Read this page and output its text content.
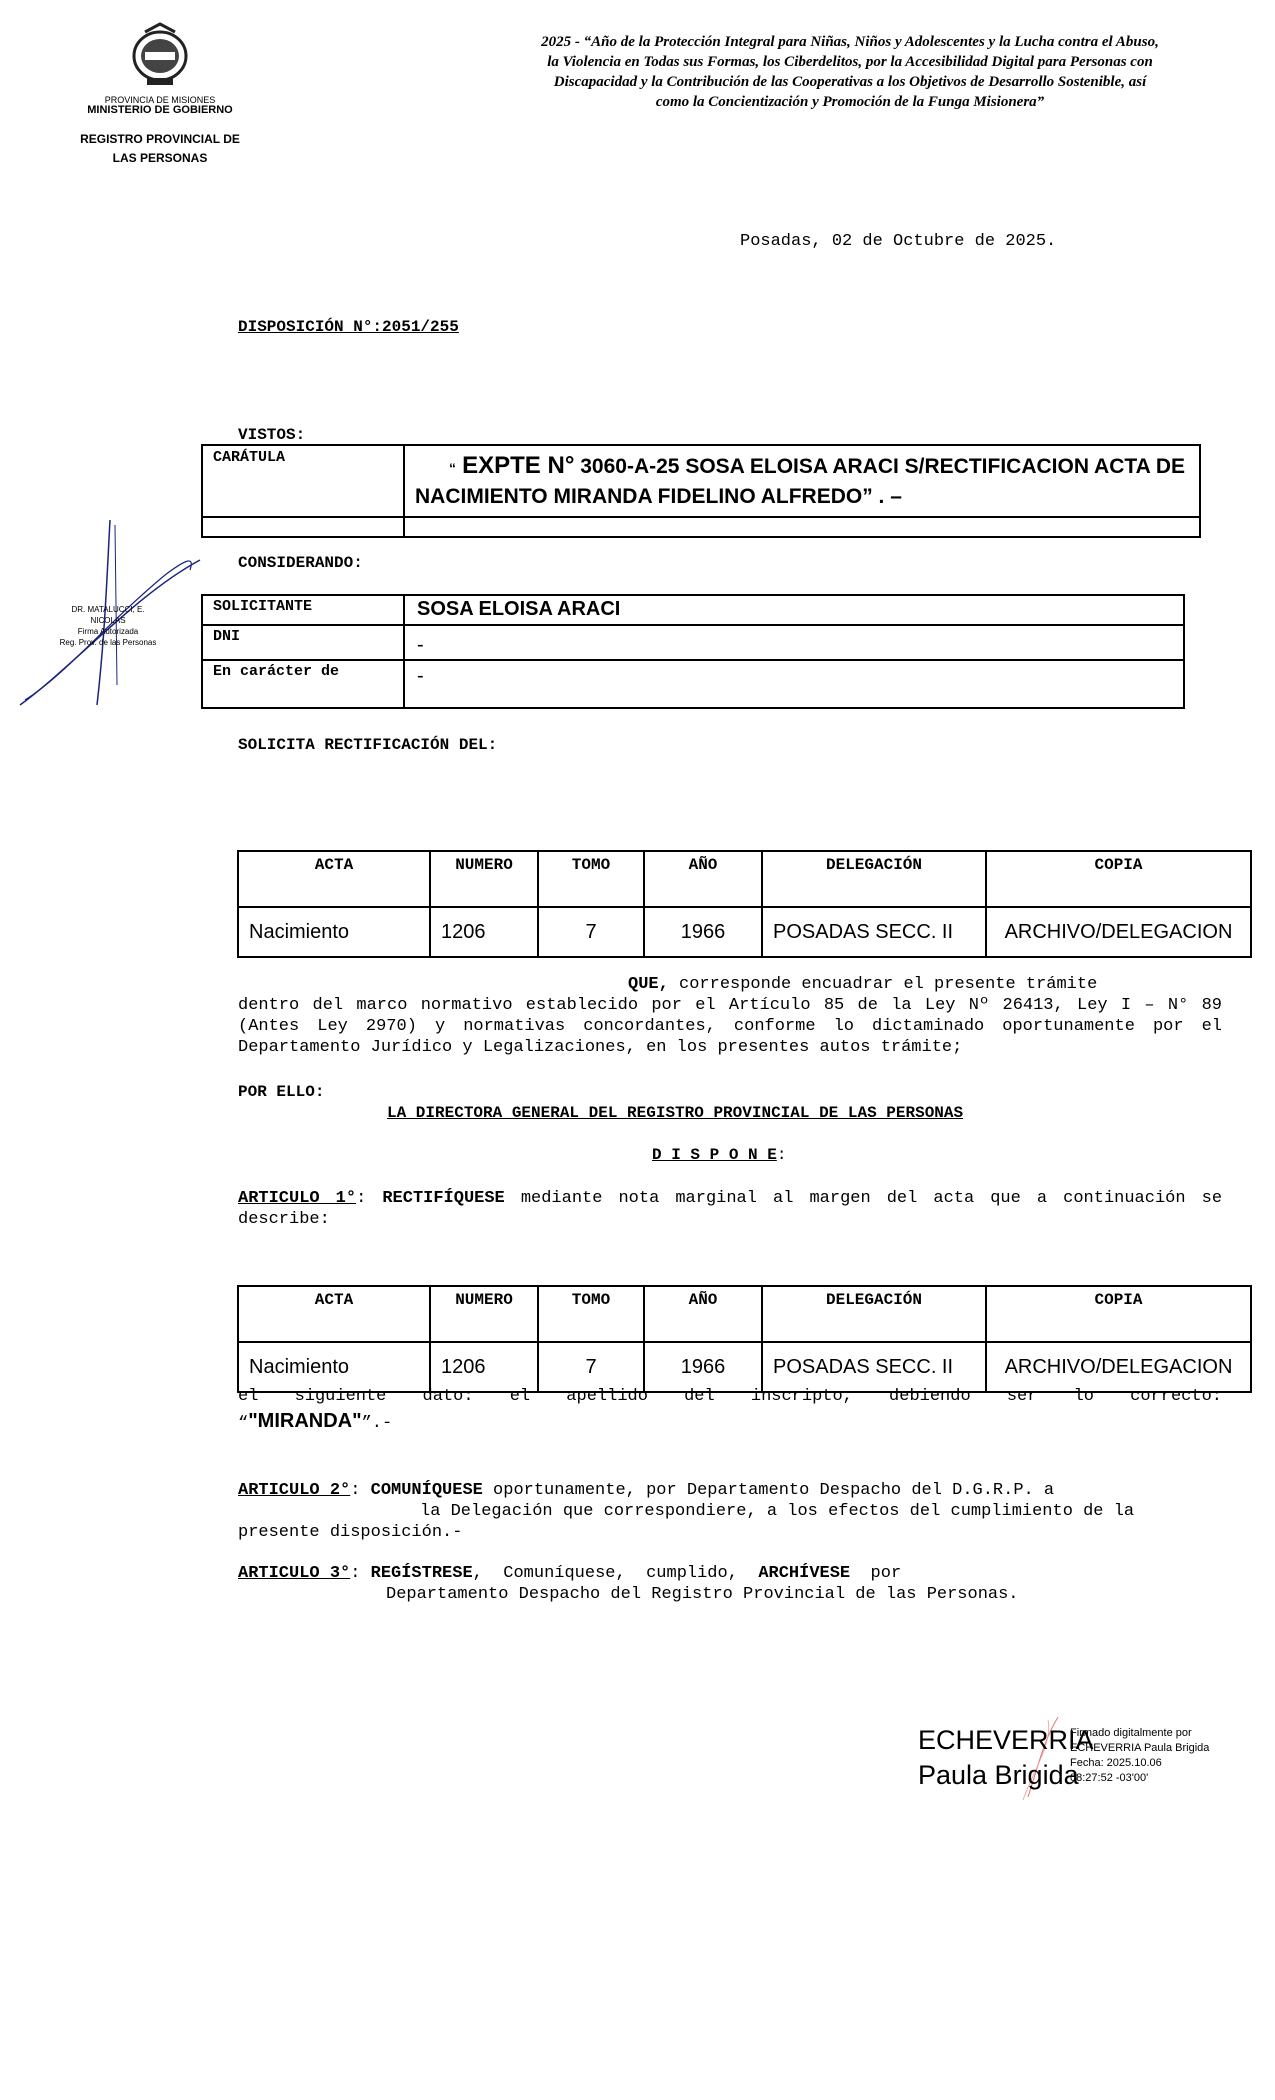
PROVINCIA DE MISIONES
MINISTERIO DE GOBIERNO
REGISTRO PROVINCIAL DE
LAS PERSONAS
2025 - “Año de la Protección Integral para Niñas, Niños y Adolescentes y la Lucha contra el Abuso, la Violencia en Todas sus Formas, los Ciberdelitos, por la Accesibilidad Digital para Personas con Discapacidad y la Contribución de las Cooperativas a los Objetivos de Desarrollo Sostenible, así como la Concientización y Promoción de la Funga Misionera”
Posadas, 02 de Octubre de 2025.
DISPOSICIÓN N°:2051/255
VISTOS:
CARÁTULA	“ EXPTE N° 3060-A-25 SOSA ELOISA ARACI S/RECTIFICACION ACTA DE NACIMIENTO MIRANDA FIDELINO ALFREDO” . –

CONSIDERANDO:
SOLICITANTE	SOSA ELOISA ARACI
DNI	-
En carácter de	-
SOLICITA RECTIFICACIÓN DEL:
ACTA	NUMERO	TOMO	AÑO	DELEGACIÓN	COPIA
Nacimiento	1206	7	1966	POSADAS SECC. II	ARCHIVO/DELEGACION
QUE, corresponde encuadrar el presente trámite
dentro del marco normativo establecido por el Artículo 85 de la Ley Nº 26413, Ley I – N° 89 (Antes Ley 2970) y normativas concordantes, conforme lo dictaminado oportunamente por el Departamento Jurídico y Legalizaciones, en los presentes autos trámite;
POR ELLO:
LA DIRECTORA GENERAL DEL REGISTRO PROVINCIAL DE LAS PERSONAS
D I S P O N E:
ARTICULO 1°: RECTIFÍQUESE mediante nota marginal al margen del acta que a continuación se describe:
ACTA	NUMERO	TOMO	AÑO	DELEGACIÓN	COPIA
Nacimiento	1206	7	1966	POSADAS SECC. II	ARCHIVO/DELEGACION
el siguiente dato: el apellido del inscripto, debiendo ser lo correcto:
“"MIRANDA"”.-
ARTICULO 2°: COMUNÍQUESE oportunamente, por Departamento Despacho del D.G.R.P. a
la Delegación que correspondiere, a los efectos del cumplimiento de la
presente disposición.-
ARTICULO 3°: REGÍSTRESE,  Comuníquese,  cumplido,  ARCHÍVESE  por
Departamento Despacho del Registro Provincial de las Personas.
DR. MATALUCCI, E. NICOLAS
Firma Autorizada
Reg. Prov. de las Personas
ECHEVERRIA
Paula Brigida
Firmado digitalmente por
ECHEVERRIA Paula Brigida
Fecha: 2025.10.06
08:27:52 -03'00'
